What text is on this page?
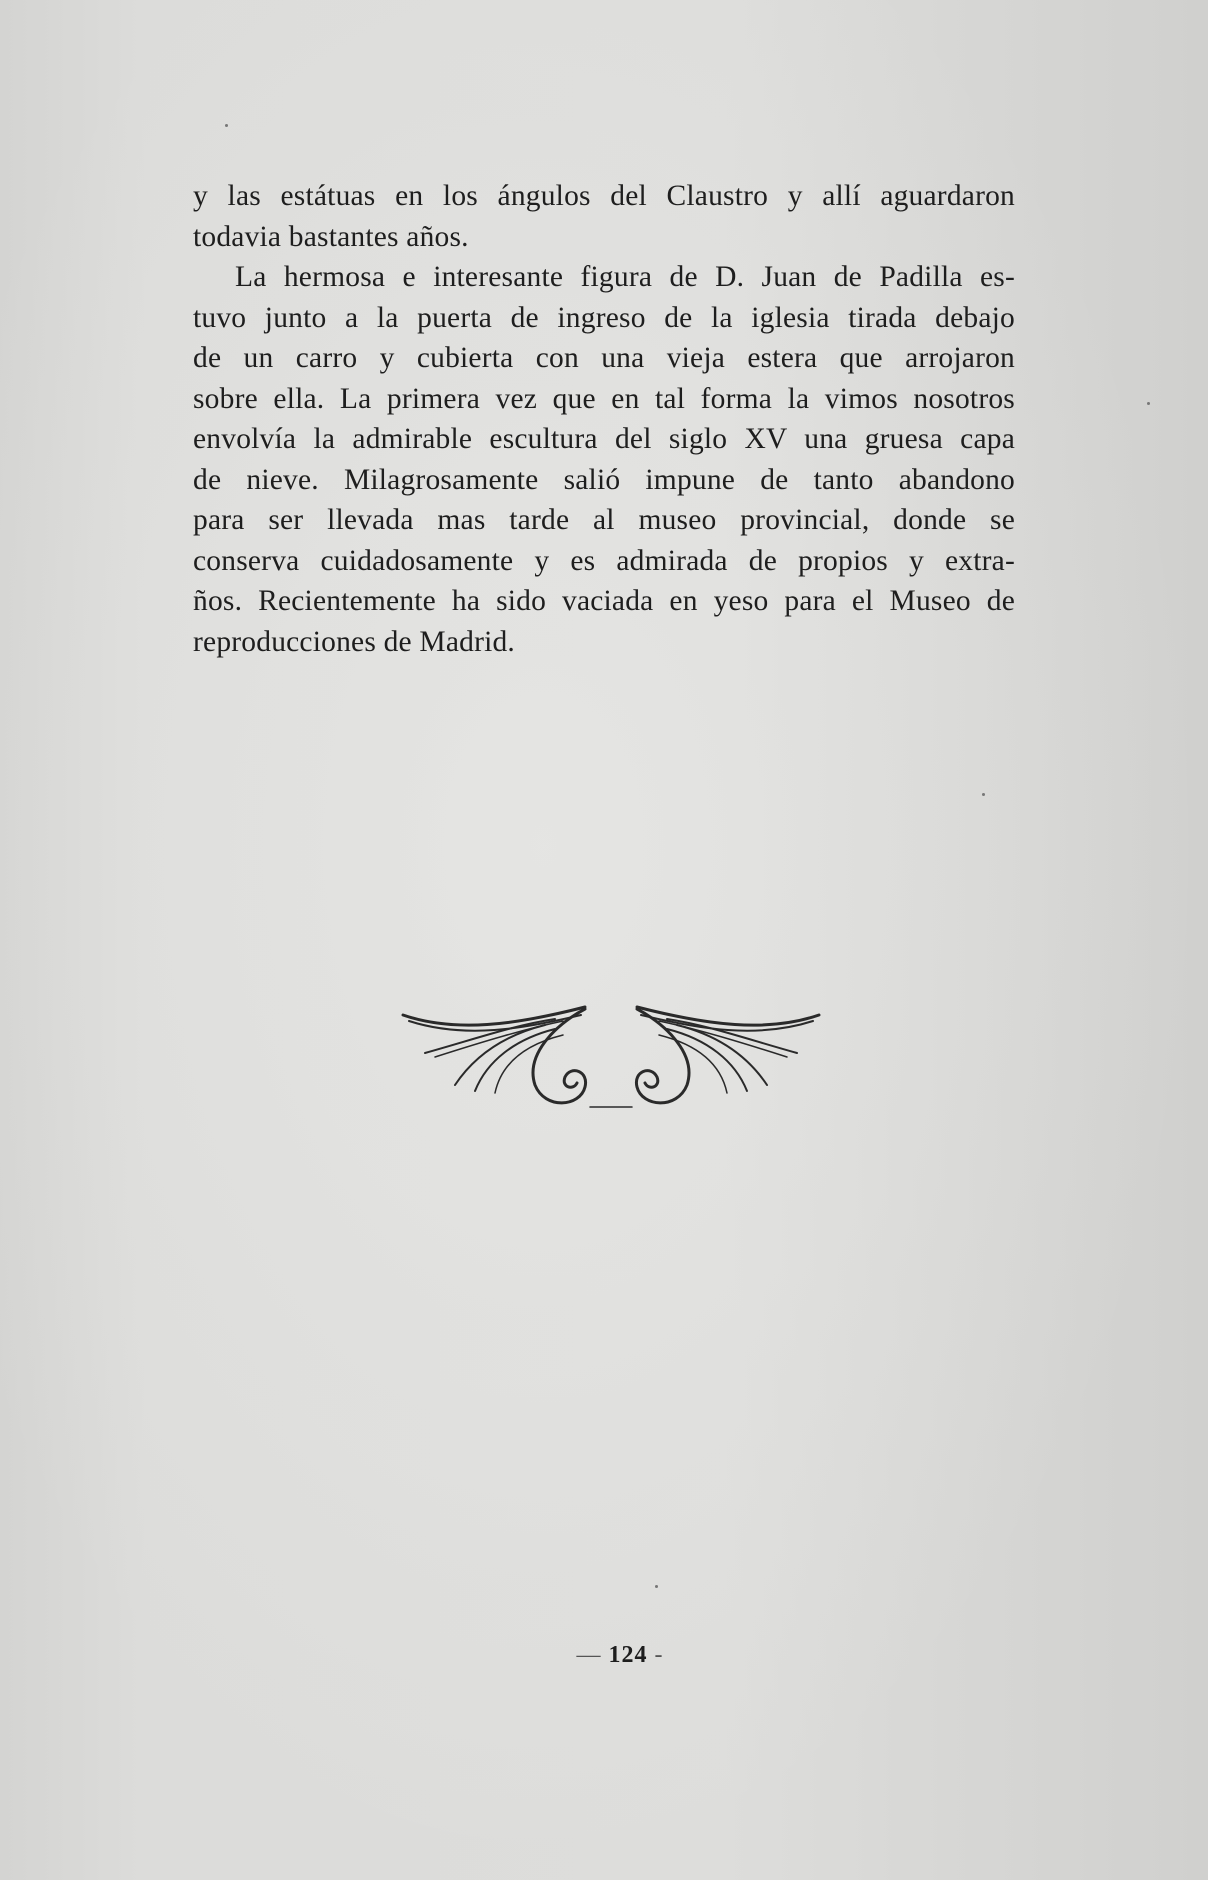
y las estátuas en los ángulos del Claustro y allí aguardaron
todavia bastantes años.
La hermosa e interesante figura de D. Juan de Padilla es-
tuvo junto a la puerta de ingreso de la iglesia tirada debajo
de un carro y cubierta con una vieja estera que arrojaron
sobre ella. La primera vez que en tal forma la vimos nosotros
envolvía la admirable escultura del siglo XV una gruesa capa
de nieve. Milagrosamente salió impune de tanto abandono
para ser llevada mas tarde al museo provincial, donde se
conserva cuidadosamente y es admirada de propios y extra-
ños. Recientemente ha sido vaciada en yeso para el Museo de
reproducciones de Madrid.
— 124 -
